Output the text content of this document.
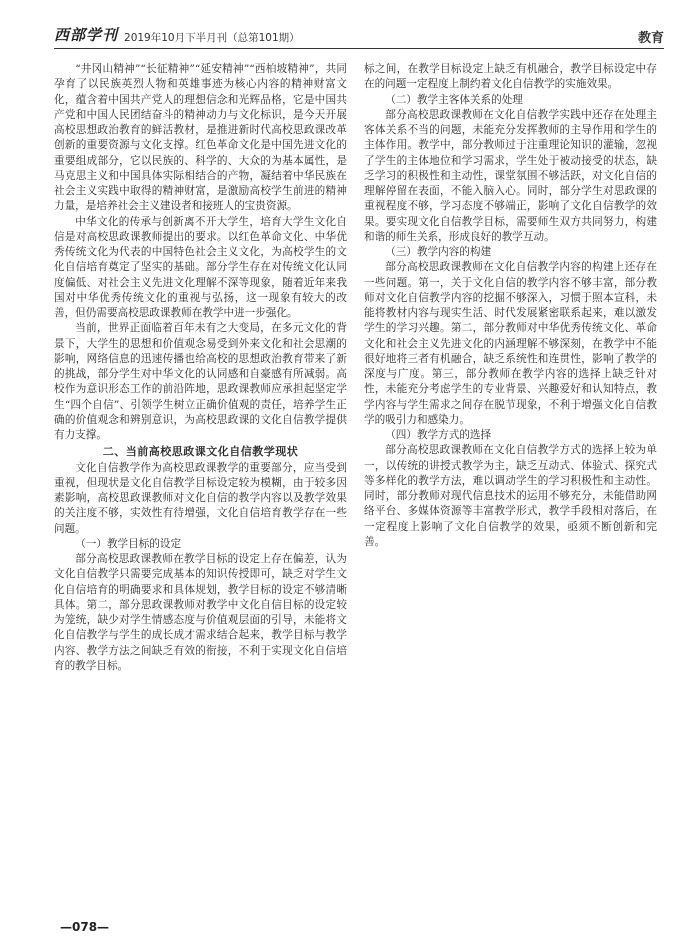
西部学刊 2019年10月下半月刊（总第101期）	教育

“井冈山精神”“长征精神”“延安精神”“西柏坡精神”，共同孕育了以民族英烈人物和英雄事迹为核心内容的精神财富文化，蕴含着中国共产党人的理想信念和光辉品格，它是中国共产党和中国人民团结奋斗的精神动力与文化标识，是今天开展高校思想政治教育的鲜活教材，是推进新时代高校思政课改革创新的重要资源与文化支撑。红色革命文化是中国先进文化的重要组成部分，它以民族的、科学的、大众的为基本属性，是马克思主义和中国具体实际相结合的产物，凝结着中华民族在社会主义实践中取得的精神财富，是激励高校学生前进的精神力量，是培养社会主义建设者和接班人的宝贵资源。

中华文化的传承与创新离不开大学生，培育大学生文化自信是对高校思政课教师提出的要求。以红色革命文化、中华优秀传统文化为代表的中国特色社会主义文化，为高校学生的文化自信培育奠定了坚实的基础。部分学生存在对传统文化认同度偏低、对社会主义先进文化理解不深等现象，随着近年来我国对中华优秀传统文化的重视与弘扬，这一现象有较大的改善，但仍需要高校思政课教师在教学中进一步强化。

当前，世界正面临着百年未有之大变局，在多元文化的背景下，大学生的思想和价值观念易受到外来文化和社会思潮的影响，网络信息的迅速传播也给高校的思想政治教育带来了新的挑战，部分学生对中华文化的认同感和自豪感有所减弱。高校作为意识形态工作的前沿阵地，思政课教师应承担起坚定学生“四个自信”、引领学生树立正确价值观的责任，培养学生正确的价值观念和辨别意识，为高校思政课的文化自信教学提供有力支撑。

二、当前高校思政课文化自信教学现状

文化自信教学作为高校思政课教学的重要部分，应当受到重视，但现状是文化自信教学目标设定较为模糊，由于较多因素影响，高校思政课教师对文化自信的教学内容以及教学效果的关注度不够，实效性有待增强，文化自信培育教学存在一些问题。

（一）教学目标的设定

部分高校思政课教师在教学目标的设定上存在偏差，认为文化自信教学只需要完成基本的知识传授即可，缺乏对学生文化自信培育的明确要求和具体规划，教学目标的设定不够清晰具体。第二，部分思政课教师对教学中文化自信目标的设定较为笼统，缺少对学生情感态度与价值观层面的引导，未能将文化自信教学与学生的成长成才需求结合起来，教学目标与教学内容、教学方法之间缺乏有效的衔接，不利于实现文化自信培育的教学目标。

标之间，在教学目标设定上缺乏有机融合，教学目标设定中存在的问题一定程度上制约着文化自信教学的实施效果。

（二）教学主客体关系的处理

部分高校思政课教师在文化自信教学实践中还存在处理主客体关系不当的问题，未能充分发挥教师的主导作用和学生的主体作用。教学中，部分教师过于注重理论知识的灌输，忽视了学生的主体地位和学习需求，学生处于被动接受的状态，缺乏学习的积极性和主动性，课堂氛围不够活跃，对文化自信的理解停留在表面，不能入脑入心。同时，部分学生对思政课的重视程度不够，学习态度不够端正，影响了文化自信教学的效果。要实现文化自信教学目标，需要师生双方共同努力，构建和谐的师生关系，形成良好的教学互动。

（三）教学内容的构建

部分高校思政课教师在文化自信教学内容的构建上还存在一些问题。第一，关于文化自信的教学内容不够丰富，部分教师对文化自信教学内容的挖掘不够深入，习惯于照本宣科，未能将教材内容与现实生活、时代发展紧密联系起来，难以激发学生的学习兴趣。第二，部分教师对中华优秀传统文化、革命文化和社会主义先进文化的内涵理解不够深刻，在教学中不能很好地将三者有机融合，缺乏系统性和连贯性，影响了教学的深度与广度。第三，部分教师在教学内容的选择上缺乏针对性，未能充分考虑学生的专业背景、兴趣爱好和认知特点，教学内容与学生需求之间存在脱节现象，不利于增强文化自信教学的吸引力和感染力。

（四）教学方式的选择

部分高校思政课教师在文化自信教学方式的选择上较为单一，以传统的讲授式教学为主，缺乏互动式、体验式、探究式等多样化的教学方法，难以调动学生的学习积极性和主动性。同时，部分教师对现代信息技术的运用不够充分，未能借助网络平台、多媒体资源等丰富教学形式，教学手段相对落后，在一定程度上影响了文化自信教学的效果，亟须不断创新和完善。

—078—
